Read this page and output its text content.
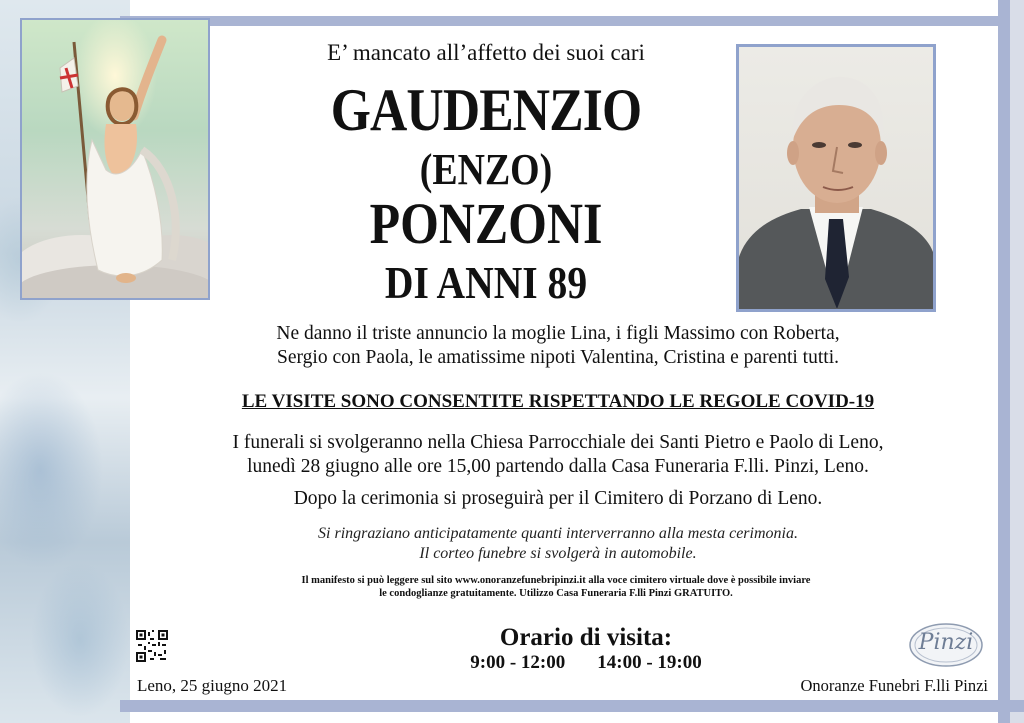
E’ mancato all’affetto dei suoi cari
GAUDENZIO
(ENZO)
PONZONI
DI ANNI 89
Ne danno il triste annuncio la moglie Lina, i figli Massimo con Roberta,
Sergio con Paola, le amatissime nipoti Valentina, Cristina e parenti tutti.
LE VISITE SONO CONSENTITE RISPETTANDO LE REGOLE COVID-19
I funerali si svolgeranno nella Chiesa Parrocchiale dei Santi Pietro e Paolo di Leno,
lunedì 28 giugno alle ore 15,00 partendo dalla Casa Funeraria F.lli. Pinzi, Leno.
Dopo la cerimonia si proseguirà per il Cimitero di Porzano di Leno.
Si ringraziano anticipatamente quanti interverranno alla mesta cerimonia.
Il corteo funebre si svolgerà in automobile.
Il manifesto si può leggere sul sito www.onoranzefunebripinzi.it alla voce cimitero virtuale dove è possibile inviare
le condoglianze gratuitamente. Utilizzo Casa Funeraria F.lli Pinzi GRATUITO.
Orario di visita:
9:00 - 12:00 14:00 - 19:00
Leno, 25 giugno 2021
Pinzi
Onoranze Funebri F.lli Pinzi
